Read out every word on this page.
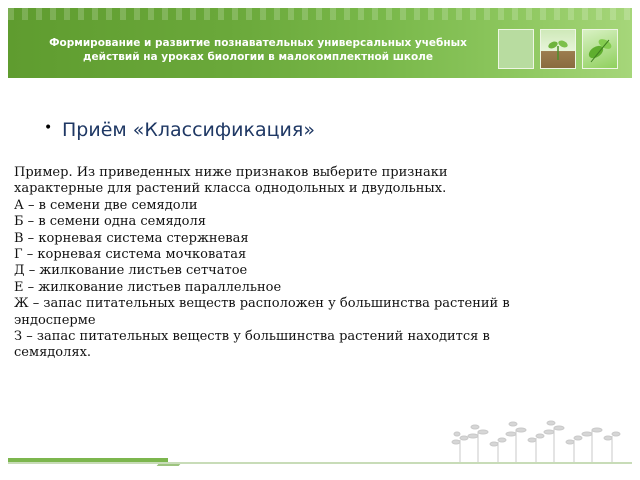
Формирование и развитие познавательных универсальных учебных
действий на уроках биологии в малокомплектной школе
• Приём «Классификация»
Пример. Из приведенных ниже признаков выберите признаки
характерные для растений класса однодольных и двудольных.
А – в семени две семядоли
Б – в семени одна семядоля
В – корневая система стержневая
Г – корневая система мочковатая
Д – жилкование листьев сетчатое
Е – жилкование листьев параллельное
Ж – запас питательных веществ расположен у большинства растений в
эндосперме
З – запас питательных веществ у большинства растений находится в
семядолях.
